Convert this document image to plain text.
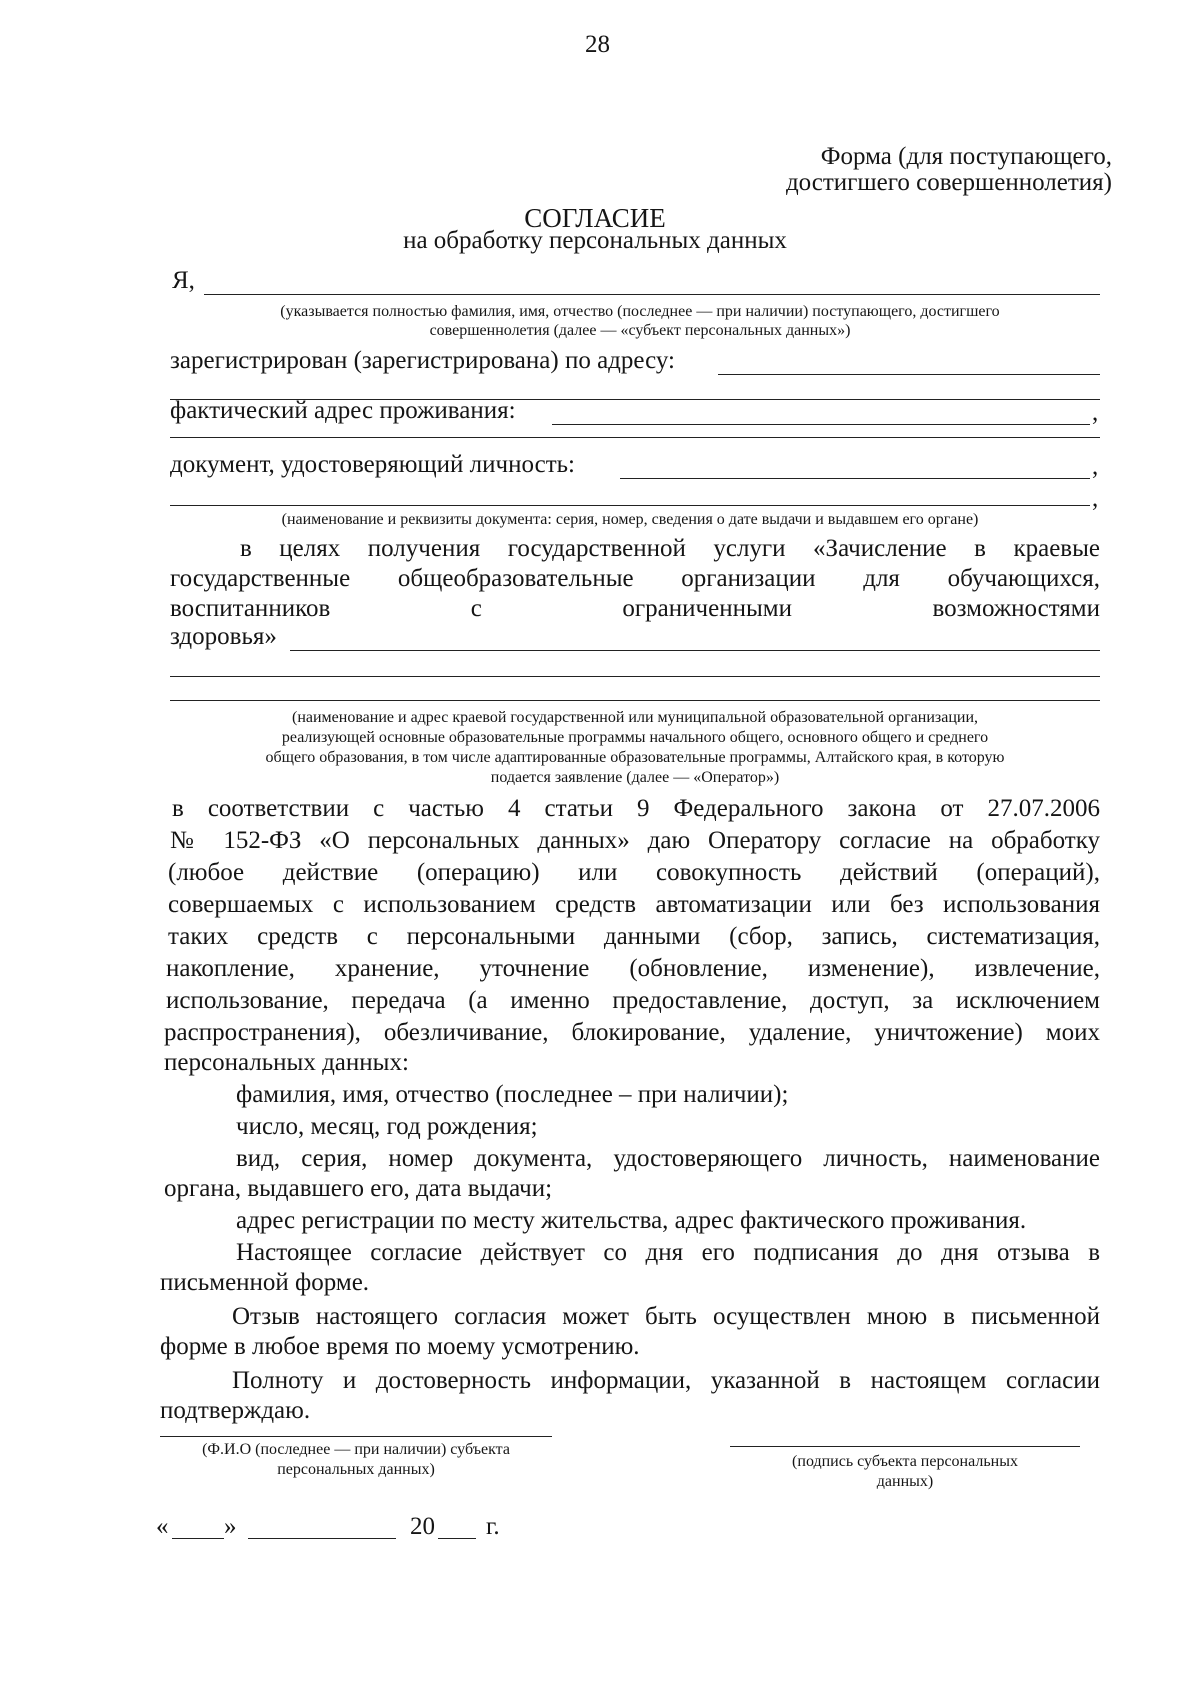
28
Форма (для поступающего,
достигшего совершеннолетия)
СОГЛАСИЕ
на обработку персональных данных
Я,
(указывается полностью фамилия, имя, отчество (последнее — при наличии) поступающего, достигшего
совершеннолетия (далее — «субъект персональных данных»)
зарегистрирован (зарегистрирована) по адресу:
фактический адрес проживания:	,
документ, удостоверяющий личность:	,
,
(наименование и реквизиты документа: серия, номер, сведения о дате выдачи и выдавшем его органе)
в целях получения государственной услуги «Зачисление в краевые
государственные общеобразовательные организации для обучающихся,
воспитанников с ограниченными возможностями
здоровья»
(наименование и адрес краевой государственной или муниципальной образовательной организации,
реализующей основные образовательные программы начального общего, основного общего и среднего
общего образования, в том числе адаптированные образовательные программы, Алтайского края, в которую
подается заявление (далее — «Оператор»)
в соответствии с частью 4 статьи 9 Федерального закона от 27.07.2006
№ 152-ФЗ «О персональных данных» даю Оператору согласие на обработку
(любое действие (операцию) или совокупность действий (операций),
совершаемых с использованием средств автоматизации или без использования
таких средств с персональными данными (сбор, запись, систематизация,
накопление, хранение, уточнение (обновление, изменение), извлечение,
использование, передача (а именно предоставление, доступ, за исключением
распространения), обезличивание, блокирование, удаление, уничтожение) моих
персональных данных:
фамилия, имя, отчество (последнее – при наличии);
число, месяц, год рождения;
вид, серия, номер документа, удостоверяющего личность, наименование
органа, выдавшего его, дата выдачи;
адрес регистрации по месту жительства, адрес фактического проживания.
Настоящее согласие действует со дня его подписания до дня отзыва в
письменной форме.
Отзыв настоящего согласия может быть осуществлен мною в письменной
форме в любое время по моему усмотрению.
Полноту и достоверность информации, указанной в настоящем согласии
подтверждаю.
(Ф.И.О (последнее — при наличии) субъекта
персональных данных)	(подпись субъекта персональных
данных)
« »	20 г.
